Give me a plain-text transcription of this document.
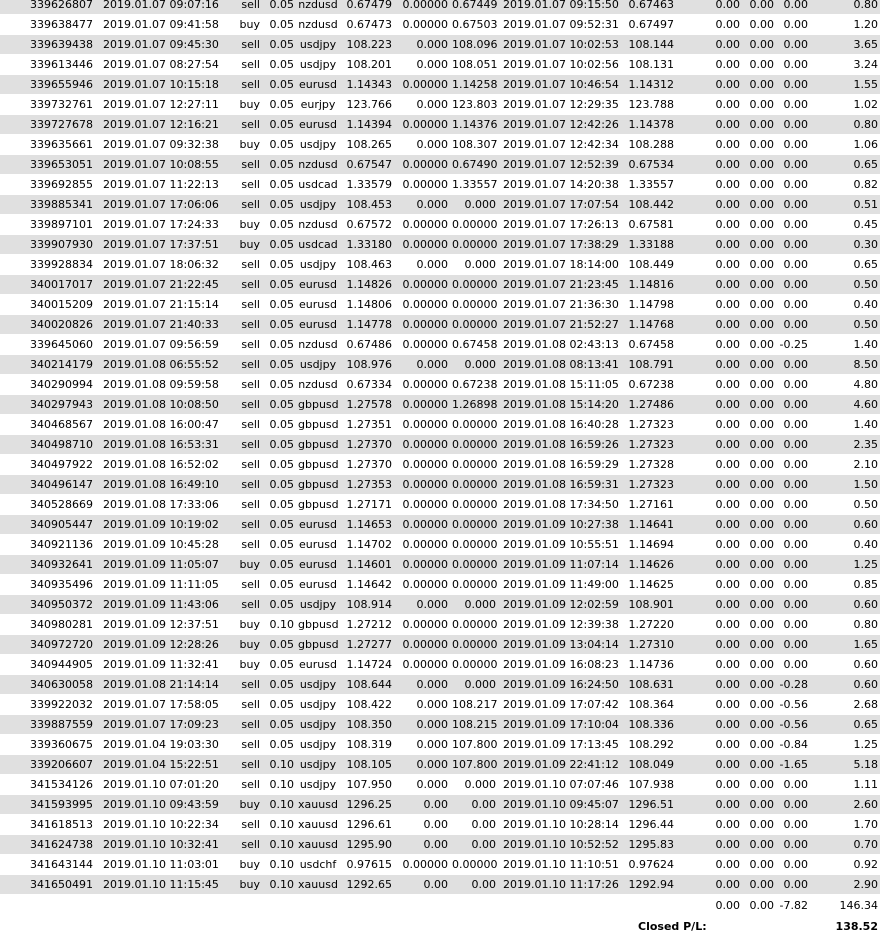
339626807	2019.01.07 09:07:16	sell	0.05	nzdusd	0.67479	0.00000	0.67449	2019.01.07 09:15:50	0.67463	0.00	0.00	0.00	0.80
339638477	2019.01.07 09:41:58	buy	0.05	nzdusd	0.67473	0.00000	0.67503	2019.01.07 09:52:31	0.67497	0.00	0.00	0.00	1.20
339639438	2019.01.07 09:45:30	sell	0.05	usdjpy	108.223	0.000	108.096	2019.01.07 10:02:53	108.144	0.00	0.00	0.00	3.65
339613446	2019.01.07 08:27:54	sell	0.05	usdjpy	108.201	0.000	108.051	2019.01.07 10:02:56	108.131	0.00	0.00	0.00	3.24
339655946	2019.01.07 10:15:18	sell	0.05	eurusd	1.14343	0.00000	1.14258	2019.01.07 10:46:54	1.14312	0.00	0.00	0.00	1.55
339732761	2019.01.07 12:27:11	buy	0.05	eurjpy	123.766	0.000	123.803	2019.01.07 12:29:35	123.788	0.00	0.00	0.00	1.02
339727678	2019.01.07 12:16:21	sell	0.05	eurusd	1.14394	0.00000	1.14376	2019.01.07 12:42:26	1.14378	0.00	0.00	0.00	0.80
339635661	2019.01.07 09:32:38	buy	0.05	usdjpy	108.265	0.000	108.307	2019.01.07 12:42:34	108.288	0.00	0.00	0.00	1.06
339653051	2019.01.07 10:08:55	sell	0.05	nzdusd	0.67547	0.00000	0.67490	2019.01.07 12:52:39	0.67534	0.00	0.00	0.00	0.65
339692855	2019.01.07 11:22:13	sell	0.05	usdcad	1.33579	0.00000	1.33557	2019.01.07 14:20:38	1.33557	0.00	0.00	0.00	0.82
339885341	2019.01.07 17:06:06	sell	0.05	usdjpy	108.453	0.000	0.000	2019.01.07 17:07:54	108.442	0.00	0.00	0.00	0.51
339897101	2019.01.07 17:24:33	buy	0.05	nzdusd	0.67572	0.00000	0.00000	2019.01.07 17:26:13	0.67581	0.00	0.00	0.00	0.45
339907930	2019.01.07 17:37:51	buy	0.05	usdcad	1.33180	0.00000	0.00000	2019.01.07 17:38:29	1.33188	0.00	0.00	0.00	0.30
339928834	2019.01.07 18:06:32	sell	0.05	usdjpy	108.463	0.000	0.000	2019.01.07 18:14:00	108.449	0.00	0.00	0.00	0.65
340017017	2019.01.07 21:22:45	sell	0.05	eurusd	1.14826	0.00000	0.00000	2019.01.07 21:23:45	1.14816	0.00	0.00	0.00	0.50
340015209	2019.01.07 21:15:14	sell	0.05	eurusd	1.14806	0.00000	0.00000	2019.01.07 21:36:30	1.14798	0.00	0.00	0.00	0.40
340020826	2019.01.07 21:40:33	sell	0.05	eurusd	1.14778	0.00000	0.00000	2019.01.07 21:52:27	1.14768	0.00	0.00	0.00	0.50
339645060	2019.01.07 09:56:59	sell	0.05	nzdusd	0.67486	0.00000	0.67458	2019.01.08 02:43:13	0.67458	0.00	0.00	-0.25	1.40
340214179	2019.01.08 06:55:52	sell	0.05	usdjpy	108.976	0.000	0.000	2019.01.08 08:13:41	108.791	0.00	0.00	0.00	8.50
340290994	2019.01.08 09:59:58	sell	0.05	nzdusd	0.67334	0.00000	0.67238	2019.01.08 15:11:05	0.67238	0.00	0.00	0.00	4.80
340297943	2019.01.08 10:08:50	sell	0.05	gbpusd	1.27578	0.00000	1.26898	2019.01.08 15:14:20	1.27486	0.00	0.00	0.00	4.60
340468567	2019.01.08 16:00:47	sell	0.05	gbpusd	1.27351	0.00000	0.00000	2019.01.08 16:40:28	1.27323	0.00	0.00	0.00	1.40
340498710	2019.01.08 16:53:31	sell	0.05	gbpusd	1.27370	0.00000	0.00000	2019.01.08 16:59:26	1.27323	0.00	0.00	0.00	2.35
340497922	2019.01.08 16:52:02	sell	0.05	gbpusd	1.27370	0.00000	0.00000	2019.01.08 16:59:29	1.27328	0.00	0.00	0.00	2.10
340496147	2019.01.08 16:49:10	sell	0.05	gbpusd	1.27353	0.00000	0.00000	2019.01.08 16:59:31	1.27323	0.00	0.00	0.00	1.50
340528669	2019.01.08 17:33:06	sell	0.05	gbpusd	1.27171	0.00000	0.00000	2019.01.08 17:34:50	1.27161	0.00	0.00	0.00	0.50
340905447	2019.01.09 10:19:02	sell	0.05	eurusd	1.14653	0.00000	0.00000	2019.01.09 10:27:38	1.14641	0.00	0.00	0.00	0.60
340921136	2019.01.09 10:45:28	sell	0.05	eurusd	1.14702	0.00000	0.00000	2019.01.09 10:55:51	1.14694	0.00	0.00	0.00	0.40
340932641	2019.01.09 11:05:07	buy	0.05	eurusd	1.14601	0.00000	0.00000	2019.01.09 11:07:14	1.14626	0.00	0.00	0.00	1.25
340935496	2019.01.09 11:11:05	sell	0.05	eurusd	1.14642	0.00000	0.00000	2019.01.09 11:49:00	1.14625	0.00	0.00	0.00	0.85
340950372	2019.01.09 11:43:06	sell	0.05	usdjpy	108.914	0.000	0.000	2019.01.09 12:02:59	108.901	0.00	0.00	0.00	0.60
340980281	2019.01.09 12:37:51	buy	0.10	gbpusd	1.27212	0.00000	0.00000	2019.01.09 12:39:38	1.27220	0.00	0.00	0.00	0.80
340972720	2019.01.09 12:28:26	buy	0.05	gbpusd	1.27277	0.00000	0.00000	2019.01.09 13:04:14	1.27310	0.00	0.00	0.00	1.65
340944905	2019.01.09 11:32:41	buy	0.05	eurusd	1.14724	0.00000	0.00000	2019.01.09 16:08:23	1.14736	0.00	0.00	0.00	0.60
340630058	2019.01.08 21:14:14	sell	0.05	usdjpy	108.644	0.000	0.000	2019.01.09 16:24:50	108.631	0.00	0.00	-0.28	0.60
339922032	2019.01.07 17:58:05	sell	0.05	usdjpy	108.422	0.000	108.217	2019.01.09 17:07:42	108.364	0.00	0.00	-0.56	2.68
339887559	2019.01.07 17:09:23	sell	0.05	usdjpy	108.350	0.000	108.215	2019.01.09 17:10:04	108.336	0.00	0.00	-0.56	0.65
339360675	2019.01.04 19:03:30	sell	0.05	usdjpy	108.319	0.000	107.800	2019.01.09 17:13:45	108.292	0.00	0.00	-0.84	1.25
339206607	2019.01.04 15:22:51	sell	0.10	usdjpy	108.105	0.000	107.800	2019.01.09 22:41:12	108.049	0.00	0.00	-1.65	5.18
341534126	2019.01.10 07:01:20	sell	0.10	usdjpy	107.950	0.000	0.000	2019.01.10 07:07:46	107.938	0.00	0.00	0.00	1.11
341593995	2019.01.10 09:43:59	buy	0.10	xauusd	1296.25	0.00	0.00	2019.01.10 09:45:07	1296.51	0.00	0.00	0.00	2.60
341618513	2019.01.10 10:22:34	sell	0.10	xauusd	1296.61	0.00	0.00	2019.01.10 10:28:14	1296.44	0.00	0.00	0.00	1.70
341624738	2019.01.10 10:32:41	sell	0.10	xauusd	1295.90	0.00	0.00	2019.01.10 10:52:52	1295.83	0.00	0.00	0.00	0.70
341643144	2019.01.10 11:03:01	buy	0.10	usdchf	0.97615	0.00000	0.00000	2019.01.10 11:10:51	0.97624	0.00	0.00	0.00	0.92
341650491	2019.01.10 11:15:45	buy	0.10	xauusd	1292.65	0.00	0.00	2019.01.10 11:17:26	1292.94	0.00	0.00	0.00	2.90
										0.00	0.00	-7.82	146.34
									Closed P/L:				138.52
